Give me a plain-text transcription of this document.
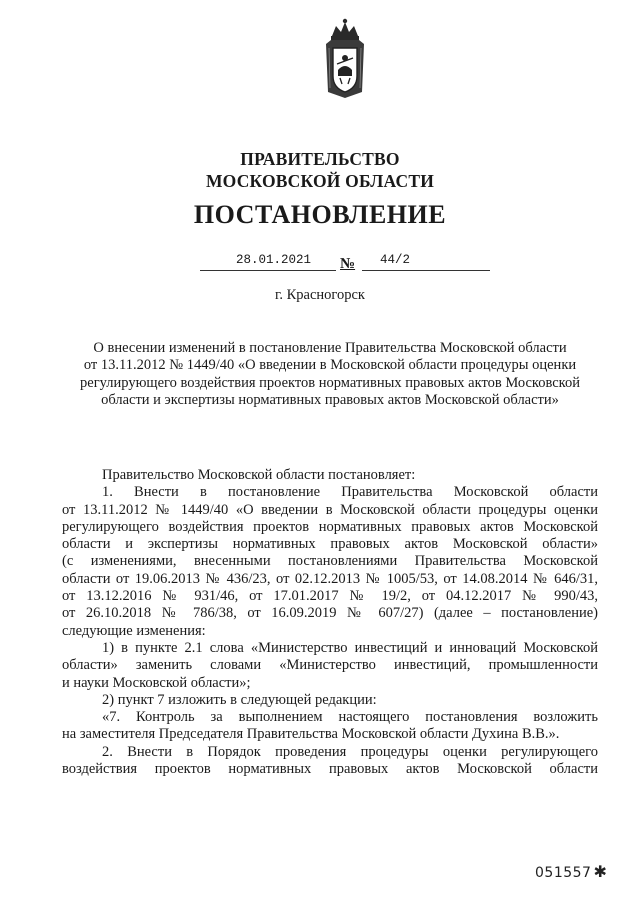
ПРАВИТЕЛЬСТВО
МОСКОВСКОЙ ОБЛАСТИ
ПОСТАНОВЛЕНИЕ
28.01.2021	№ 44/2
г. Красногорск
О внесении изменений в постановление Правительства Московской области
от 13.11.2012 № 1449/40 «О введении в Московской области процедуры оценки
регулирующего воздействия проектов нормативных правовых актов Московской
области и экспертизы нормативных правовых актов Московской области»
Правительство Московской области постановляет:
1. Внести в постановление Правительства Московской области
от 13.11.2012 № 1449/40 «О введении в Московской области процедуры оценки
регулирующего воздействия проектов нормативных правовых актов Московской
области и экспертизы нормативных правовых актов Московской области»
(с изменениями, внесенными постановлениями Правительства Московской
области от 19.06.2013 № 436/23, от 02.12.2013 № 1005/53, от 14.08.2014 № 646/31,
от 13.12.2016 № 931/46, от 17.01.2017 № 19/2, от 04.12.2017 № 990/43,
от 26.10.2018 № 786/38, от 16.09.2019 № 607/27) (далее – постановление)
следующие изменения:
1) в пункте 2.1 слова «Министерство инвестиций и инноваций Московской
области» заменить словами «Министерство инвестиций, промышленности
и науки Московской области»;
2) пункт 7 изложить в следующей редакции:
«7. Контроль за выполнением настоящего постановления возложить
на заместителя Председателя Правительства Московской области Духина В.В.».
2. Внести в Порядок проведения процедуры оценки регулирующего
воздействия проектов нормативных правовых актов Московской области
051557 ✱
